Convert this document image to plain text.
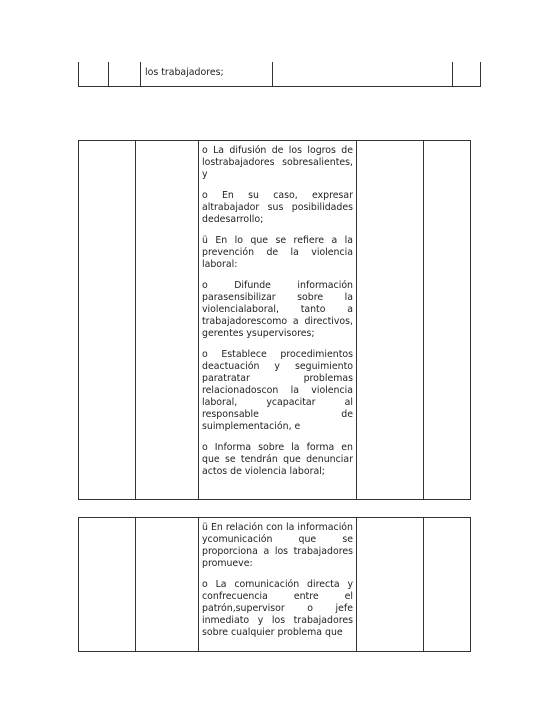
los trabajadores;

o La difusión de los logros de lostrabajadores sobresalientes, y

o En su caso, expresar altrabajador sus posibilidades dedesarrollo;

ü En lo que se refiere a la prevención de la violencia laboral:

o Difunde información parasensibilizar sobre la violencialaboral, tanto a trabajadorescomo a directivos, gerentes ysupervisores;

o Establece procedimientos deactuación y seguimiento paratratar problemas relacionadoscon la violencia laboral, ycapacitar al responsable de suimplementación, e

o Informa sobre la forma en que se tendrán que denunciar actos de violencia laboral;

ü En relación con la información ycomunicación que se proporciona a los trabajadores promueve:

o La comunicación directa y confrecuencia entre el patrón,supervisor o jefe inmediato y los trabajadores sobre cualquier problema que
